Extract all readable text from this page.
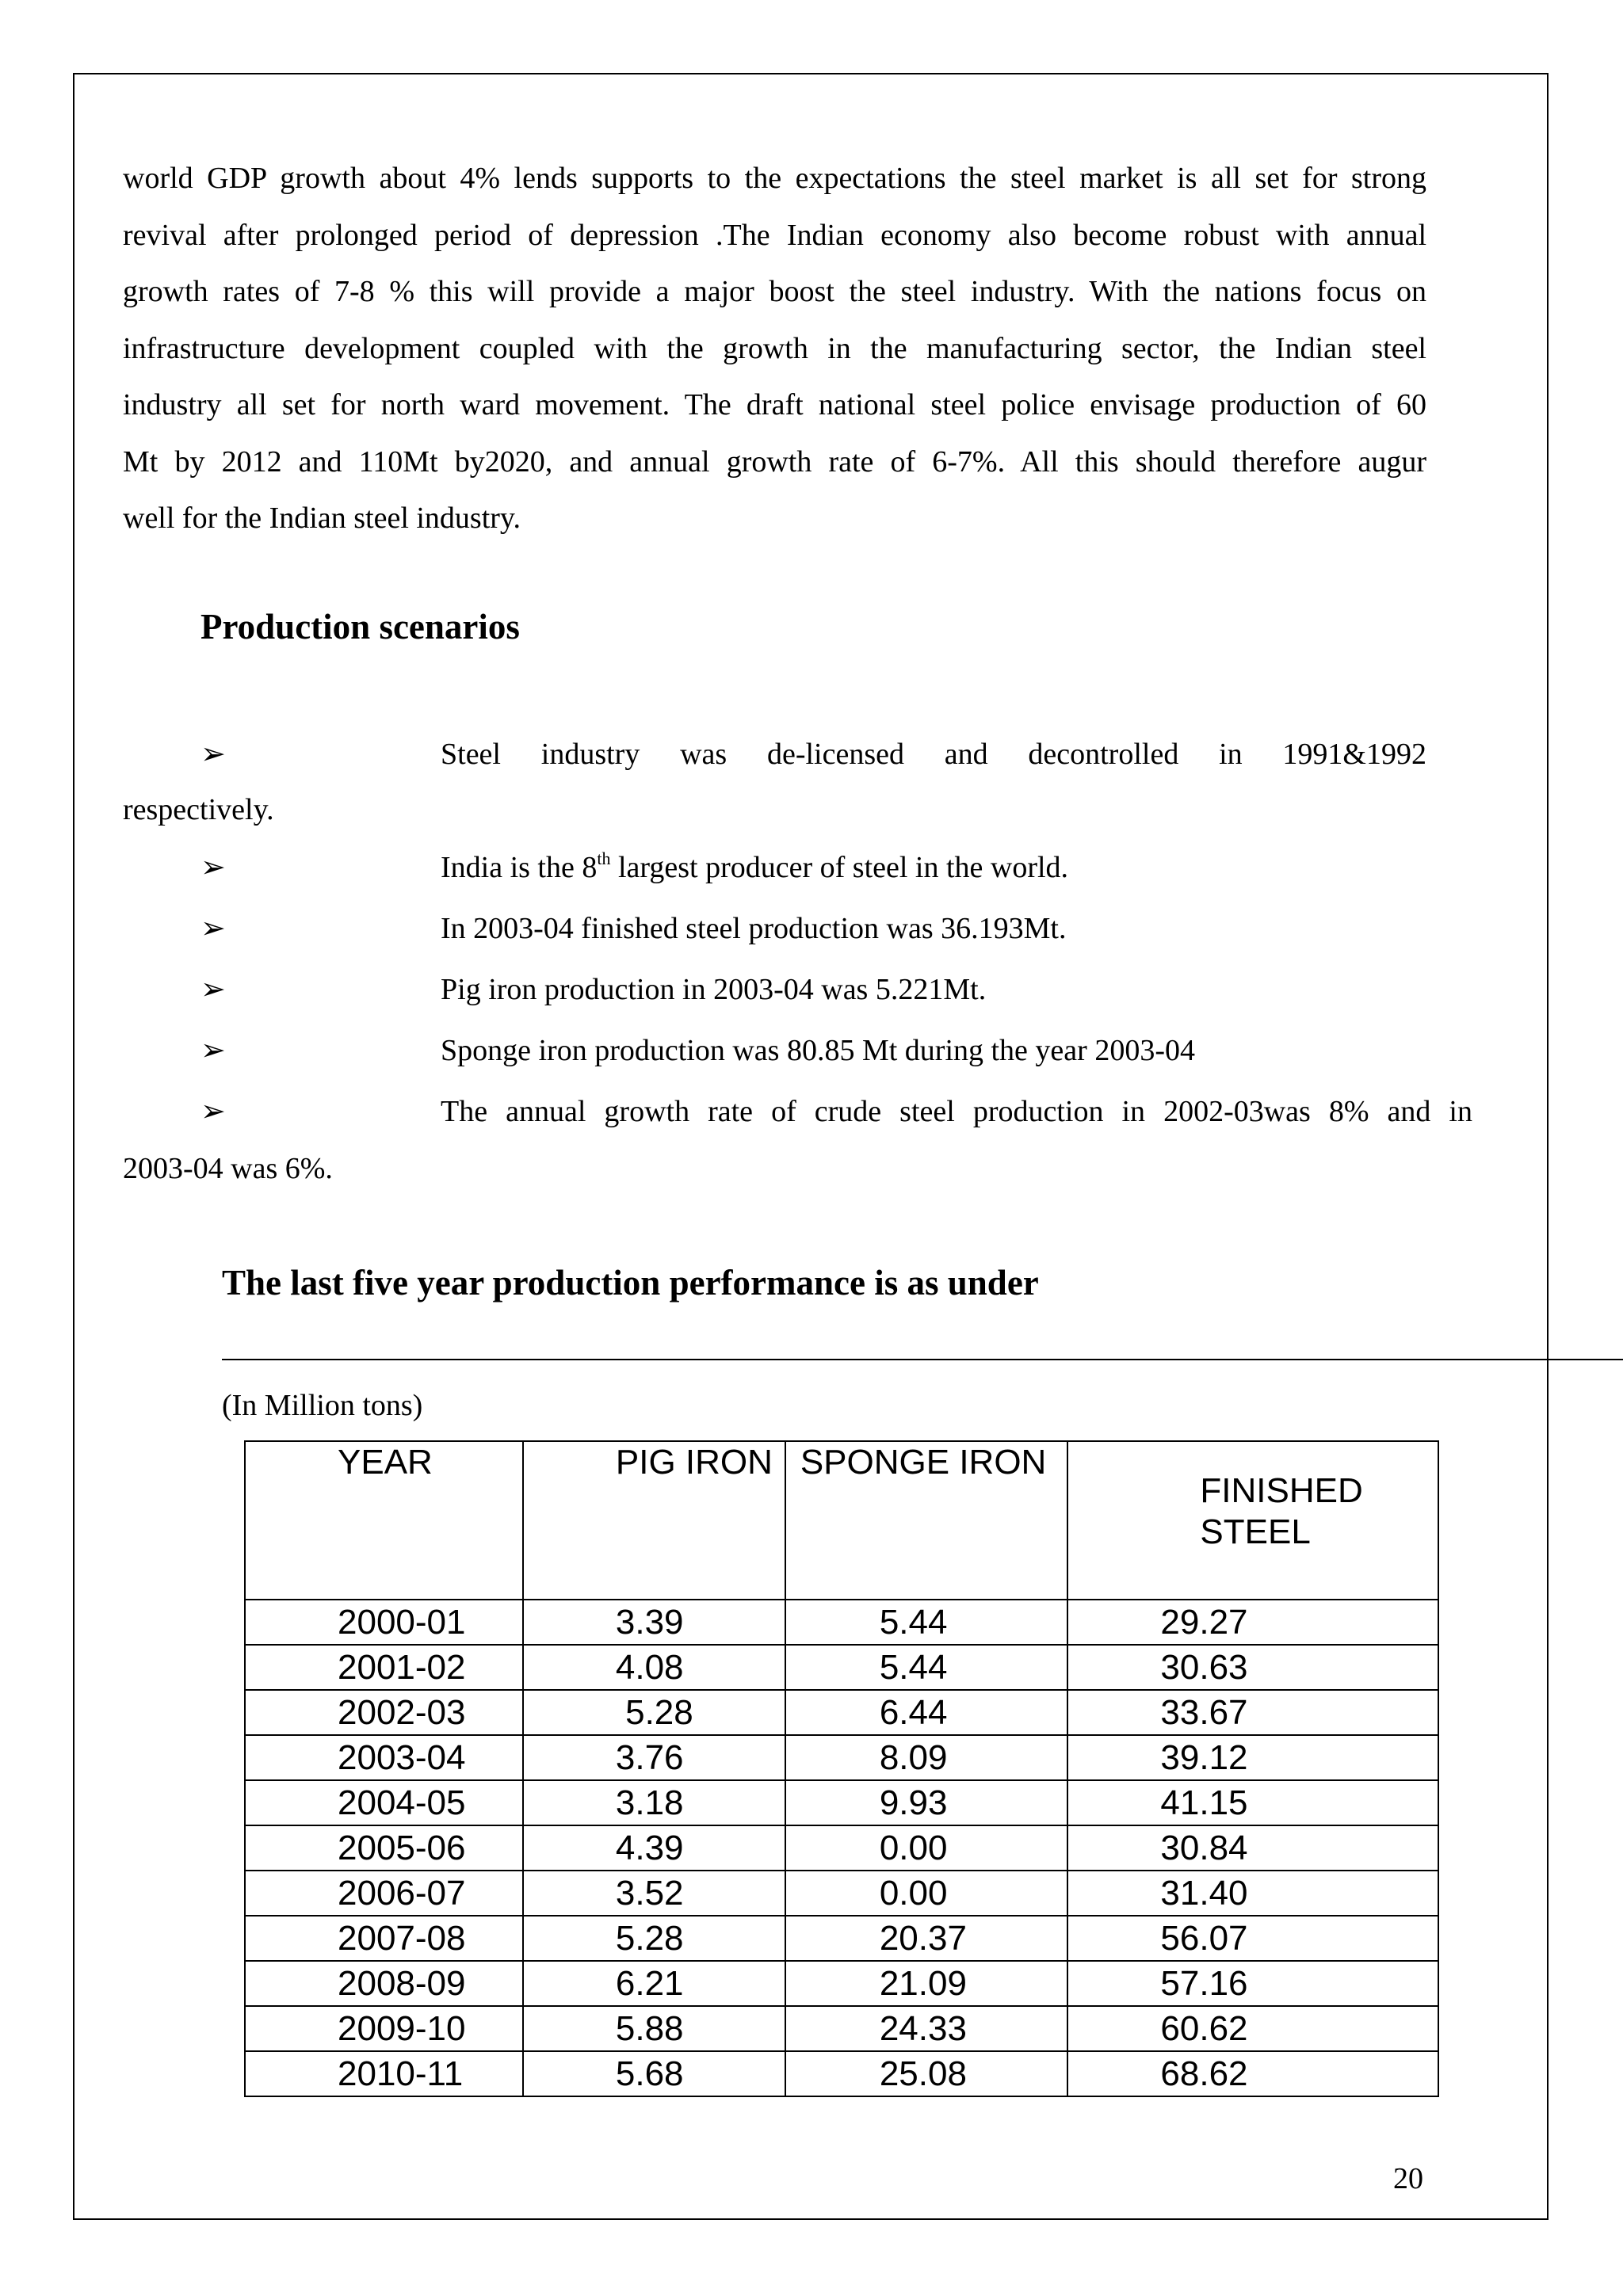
world GDP growth about 4% lends supports to the expectations the steel market is all set for strong
revival after prolonged period of depression .The Indian economy also become robust with annual
growth rates of 7-8 % this will provide a major boost the steel industry. With the nations focus on
infrastructure development coupled with the growth in the manufacturing sector, the Indian steel
industry all set for north ward movement. The draft national steel police envisage production of 60
Mt by 2012 and 110Mt by2020, and annual growth rate of 6-7%. All this should therefore augur
well for the Indian steel industry.
Production scenarios
➢	Steel industry was de-licensed and decontrolled in 1991&1992
respectively.
➢	India is the 8th largest producer of steel in the world.
➢	In 2003-04 finished steel production was 36.193Mt.
➢	Pig iron production in 2003-04 was 5.221Mt.
➢	Sponge iron production was 80.85 Mt during the year 2003-04
➢	The annual growth rate of crude steel production in 2002-03was 8% and in
2003-04 was 6%.
The last five year production performance is as under
(In Million tons)
YEAR	PIG IRON	SPONGE IRON	FINISHED
STEEL
2000-01	3.39	5.44	29.27
2001-02	4.08	5.44	30.63
2002-03	5.28	6.44	33.67
2003-04	3.76	8.09	39.12
2004-05	3.18	9.93	41.15
2005-06	4.39	0.00	30.84
2006-07	3.52	0.00	31.40
2007-08	5.28	20.37	56.07
2008-09	6.21	21.09	57.16
2009-10	5.88	24.33	60.62
2010-11	5.68	25.08	68.62
20
